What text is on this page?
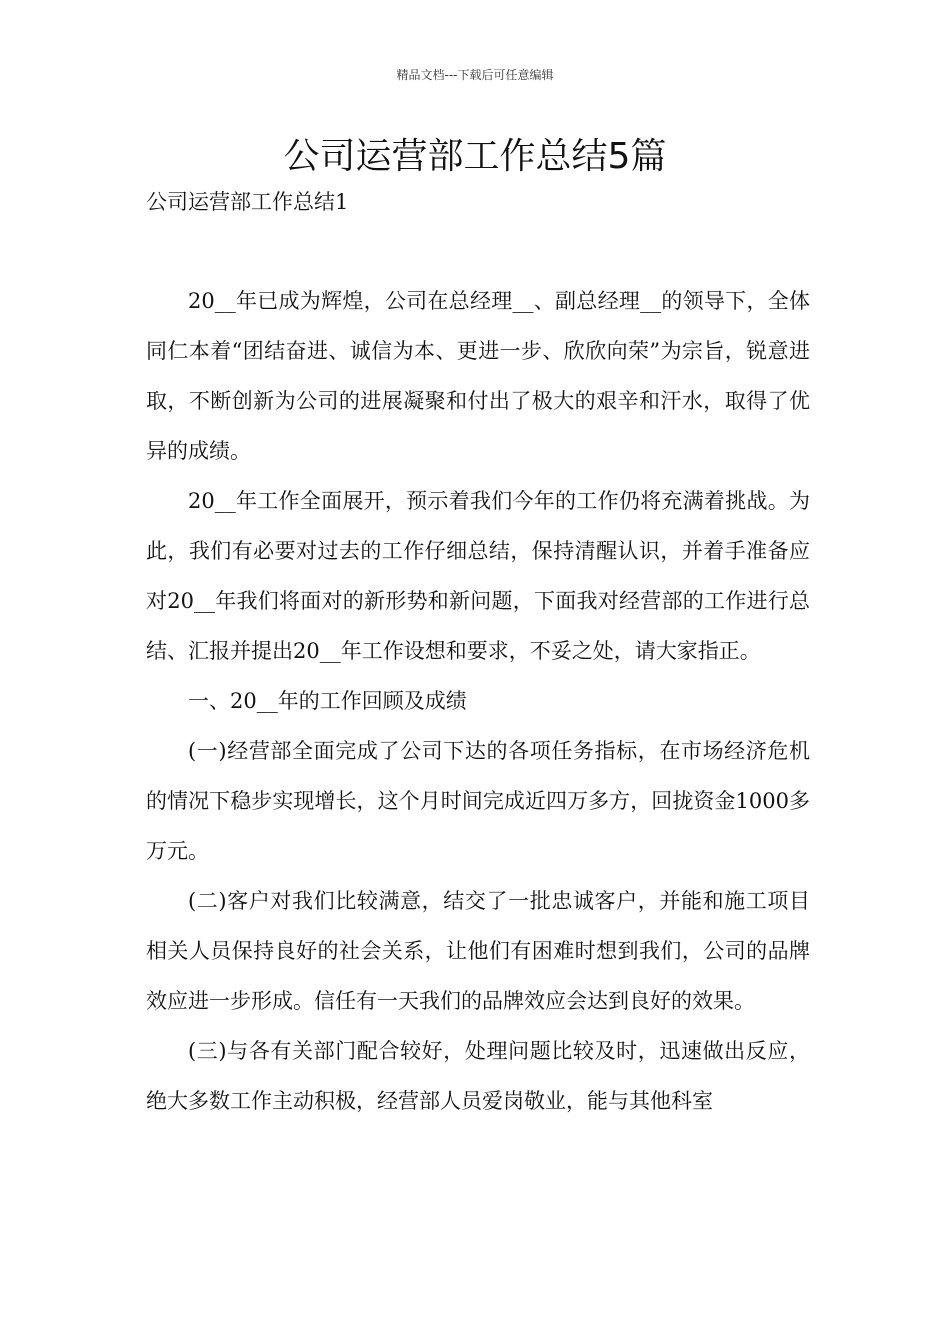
精品文档---下载后可任意编辑
公司运营部工作总结5篇
公司运营部工作总结1

20__年已成为辉煌，公司在总经理__、副总经理__的领导下，全体同仁本着“团结奋进、诚信为本、更进一步、欣欣向荣”为宗旨，锐意进取，不断创新为公司的进展凝聚和付出了极大的艰辛和汗水，取得了优异的成绩。

20__年工作全面展开，预示着我们今年的工作仍将充满着挑战。为此，我们有必要对过去的工作仔细总结，保持清醒认识，并着手准备应对20__年我们将面对的新形势和新问题，下面我对经营部的工作进行总结、汇报并提出20__年工作设想和要求，不妥之处，请大家指正。

一、20__年的工作回顾及成绩

(一)经营部全面完成了公司下达的各项任务指标，在市场经济危机的情况下稳步实现增长，这个月时间完成近四万多方，回拢资金1000多万元。

(二)客户对我们比较满意，结交了一批忠诚客户，并能和施工项目相关人员保持良好的社会关系，让他们有困难时想到我们，公司的品牌效应进一步形成。信任有一天我们的品牌效应会达到良好的效果。

(三)与各有关部门配合较好，处理问题比较及时，迅速做出反应，绝大多数工作主动积极，经营部人员爱岗敬业，能与其他科室
